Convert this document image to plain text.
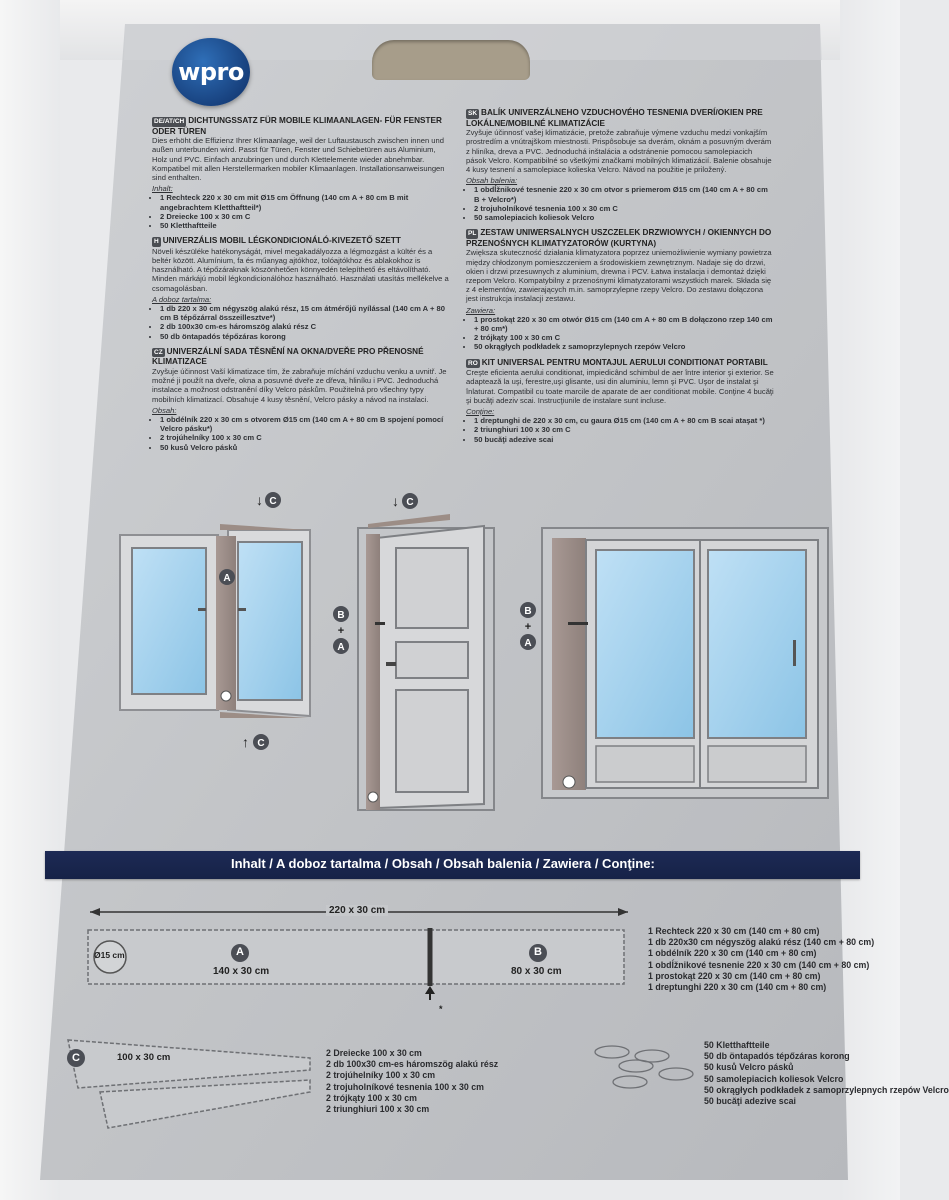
wpro

DE/AT/CH DICHTUNGSSATZ FÜR MOBILE KLIMAANLAGEN- FÜR FENSTER ODER TÜREN

Dies erhöht die Effizienz Ihrer Klimaanlage, weil der Luftaustausch zwischen innen und außen unterbunden wird. Passt für Türen, Fenster und Schiebetüren aus Aluminium, Holz und PVC. Einfach anzubringen und durch Klettelemente wieder abnehmbar. Kompatibel mit allen Herstellermarken mobiler Klimaanlagen. Installationsanweisungen sind enthalten.

Inhalt:
• 1 Rechteck 220 x 30 cm mit Ø15 cm Öffnung (140 cm A + 80 cm B mit angebrachtem Kletthaftteil*)
• 2 Dreiecke 100 x 30 cm C
• 50 Kletthaftteile

H UNIVERZÁLIS MOBIL LÉGKONDICIONÁLÓ-KIVEZETŐ SZETT

Növeli készüléke hatékonyságát, mivel megakadályozza a légmozgást a kültér és a beltér között. Alumínium, fa és műanyag ajtókhoz, tolóajtókhoz és ablakokhoz is használható. A tépőzáraknak köszönhetően könnyedén telepíthető és eltávolítható. Minden márkájú mobil légkondicionálóhoz használható. Használati utasítás mellékelve a csomagolásban.

A doboz tartalma:
• 1 db 220 x 30 cm négyszög alakú rész, 15 cm átmérőjű nyílással (140 cm A + 80 cm B tépőzárral összeillesztve*)
• 2 db 100x30 cm-es háromszög alakú rész C
• 50 db öntapadós tépőzáras korong

CZ UNIVERZÁLNÍ SADA TĚSNĚNÍ NA OKNA/DVEŘE PRO PŘENOSNÉ KLIMATIZACE

Zvyšuje účinnost Vaší klimatizace tím, že zabraňuje míchání vzduchu venku a uvnitř. Je možné ji použít na dveře, okna a posuvné dveře ze dřeva, hliníku i PVC. Jednoduchá instalace a možnost odstranění díky Velcro páskům. Použitelná pro všechny typy mobilních klimatizací. Obsahuje 4 kusy těsnění, Velcro pásky a návod na instalaci.

Obsah:
• 1 obdélník 220 x 30 cm s otvorem Ø15 cm (140 cm A + 80 cm B spojení pomocí Velcro pásku*)
• 2 trojúhelníky 100 x 30 cm C
• 50 kusů Velcro pásků

SK BALÍK UNIVERZÁLNEHO VZDUCHOVÉHO TESNENIA DVERÍ/OKIEN PRE LOKÁLNE/MOBILNÉ KLIMATIZÁCIE

Zvyšuje účinnosť vašej klimatizácie, pretože zabraňuje výmene vzduchu medzi vonkajším prostredím a vnútrajškom miestnosti. Prispôsobuje sa dverám, oknám a posuvným dverám z hliníka, dreva a PVC. Jednoduchá inštalácia a odstránenie pomocou samolepiacich pások Velcro. Kompatibilné so všetkými značkami mobilných klimatizácií. Balenie obsahuje 4 kusy tesnení a samolepiace kolieska Velcro. Návod na použitie je priložený.

Obsah balenia:
• 1 obdĺžnikové tesnenie 220 x 30 cm otvor s priemerom Ø15 cm (140 cm A + 80 cm B + Velcro*)
• 2 trojuholníkové tesnenia 100 x 30 cm C
• 50 samolepiacich koliesok Velcro

PL ZESTAW UNIWERSALNYCH USZCZELEK DRZWIOWYCH / OKIENNYCH DO PRZENOŚNYCH KLIMATYZATORÓW (KURTYNA)

Zwiększa skuteczność działania klimatyzatora poprzez uniemożliwienie wymiany powietrza między chłodzonym pomieszczeniem a środowiskiem zewnętrznym. Nadaje się do drzwi, okien i drzwi przesuwnych z aluminium, drewna i PCV. Łatwa instalacja i demontaż dzięki rzepom Velcro. Kompatybilny z przenośnymi klimatyzatorami wszystkich marek. Składa się z 4 elementów, zawierających m.in. samoprzylepne rzepy Velcro. Do zestawu dołączona jest instrukcja instalacji zestawu.

Zawiera:
• 1 prostokąt 220 x 30 cm otwór Ø15 cm (140 cm A + 80 cm B dołączono rzep 140 cm + 80 cm*)
• 2 trójkąty 100 x 30 cm C
• 50 okrągłych podkładek z samoprzylepnych rzepów Velcro

RO KIT UNIVERSAL PENTRU MONTAJUL AERULUI CONDITIONAT PORTABIL

Creşte eficienta aerului conditionat, impiedicând schimbul de aer între interior şi exterior. Se adaptează la uşi, ferestre,uşi glisante, usi din aluminiu, lemn şi PVC. Uşor de instalat şi înlaturat. Compatibil cu toate marcile de aparate de aer conditionat mobile. Conţine 4 bucăţi şi bucăţi adeziv scai. Instrucţiunile de instalare sunt incluse.

Conţine:
• 1 dreptunghi de 220 x 30 cm, cu gaura Ø15 cm (140 cm A + 80 cm B scai ataşat *)
• 2 triunghiuri 100 x 30 cm C
• 50 bucăţi adezive scai
↓ C
↑ C
A
↓ C
B
+
A
B
+
A
Inhalt / A doboz tartalma / Obsah / Obsah balenia / Zawiera / Conţine:
220 x 30 cm
Ø15 cm	A
140 x 30 cm
B
80 x 30 cm
*

1 Rechteck 220 x 30 cm (140 cm + 80 cm)

1 db 220x30 cm négyszög alakú rész (140 cm + 80 cm)

1 obdélník 220 x 30 cm (140 cm + 80 cm)

1 obdĺžnikové tesnenie 220 x 30 cm (140 cm + 80 cm)

1 prostokąt 220 x 30 cm (140 cm + 80 cm)

1 dreptunghi 220 x 30 cm (140 cm + 80 cm)

C	100 x 30 cm	2 Dreiecke 100 x 30 cm

2 db 100x30 cm-es háromszög alakú rész

2 trojúhelníky 100 x 30 cm

2 trojuholníkové tesnenia 100 x 30 cm

2 trójkąty 100 x 30 cm

2 triunghiuri 100 x 30 cm

50 Kletthaftteile

50 db öntapadós tépőzáras korong

50 kusů Velcro pásků

50 samolepiacich koliesok Velcro

50 okrągłych podkładek z samoprzylepnych rzepów Velcro

50 bucăţi adezive scai
